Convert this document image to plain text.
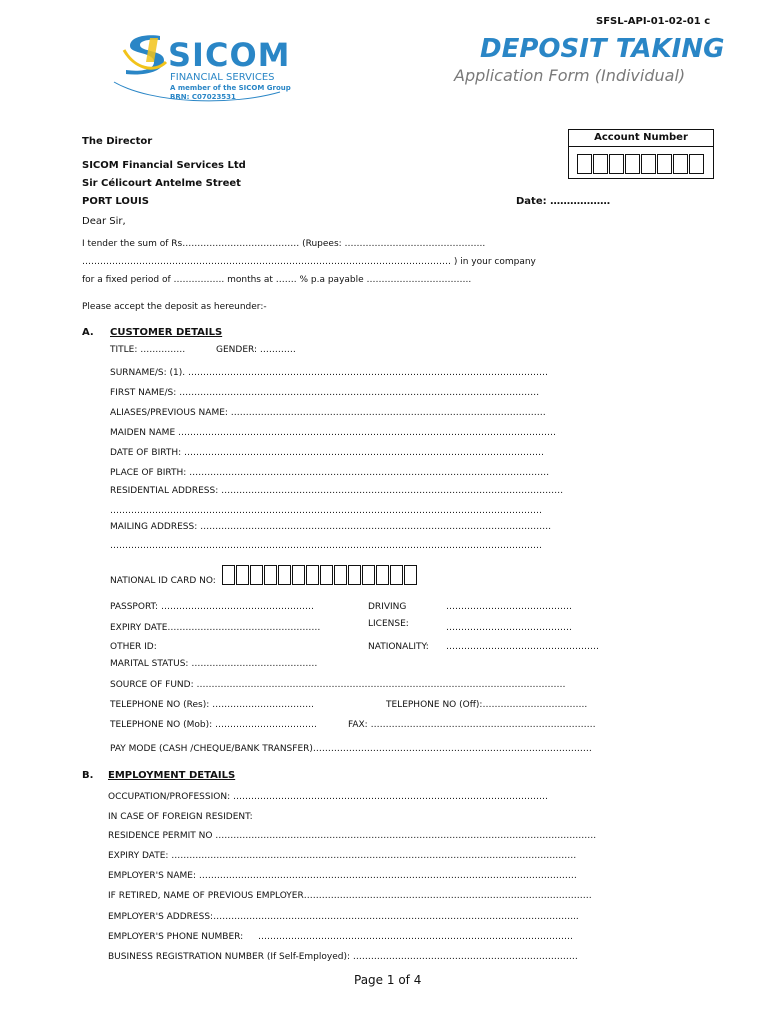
SFSL-API-01-02-01 c
DEPOSIT TAKING
Application Form (Individual)
SICOM
FINANCIAL SERVICES
A member of the SICOM Group
BRN: C07023531
The Director
SICOM Financial Services Ltd
Sir Célicourt Antelme Street
PORT LOUIS
Account Number
Date: ………………
Dear Sir,
I tender the sum of Rs………………………………… (Rupees: ………………………………………..
…………………………………………………………………………………………………………… ) in your company
for a fixed period of …………….. months at ……. % p.a payable ……………………………..
Please accept the deposit as hereunder:-
A. CUSTOMER DETAILS
TITLE: ……………	GENDER: …………
SURNAME/S: (1). …………………………………………………………………………………………………………
FIRST NAME/S: …………………………………………………………………………………………………………
ALIASES/PREVIOUS NAME: ……………………………………………………………………………………………
MAIDEN NAME ………………………………………………………………………………………………………………
DATE OF BIRTH: …………………………………………………………………………………………………………
PLACE OF BIRTH: …………………………………………………………………………………………………………
RESIDENTIAL ADDRESS: ……………………………………………………………………………………………………
………………………………………………………………………………………………………………………………
MAILING ADDRESS: ………………………………………………………………………………………………………
………………………………………………………………………………………………………………………………
NATIONAL ID CARD NO:
PASSPORT: ……………………………………………	DRIVING	……………………………………
EXPIRY DATE……………………………………………	LICENSE:	……………………………………
OTHER ID:	NATIONALITY: ……………………………………………
MARITAL STATUS: ……………………………………
SOURCE OF FUND: ……………………………………………………………………………………………………………
TELEPHONE NO (Res): …………………………….	TELEPHONE NO (Off):……………………………..
TELEPHONE NO (Mob): …………………………….	FAX: …………………………………………………………………
PAY MODE (CASH /CHEQUE/BANK TRANSFER)…………………………………………………………………………………
B. EMPLOYMENT DETAILS
OCCUPATION/PROFESSION: ……………………………………………………………………………………………
IN CASE OF FOREIGN RESIDENT:
RESIDENCE PERMIT NO ……………………………………………………………………………………………………………….
EXPIRY DATE: ………………………………………………………………………………………………………………………
EMPLOYER'S NAME: ………………………………………………………………………………………………………………
IF RETIRED, NAME OF PREVIOUS EMPLOYER……………………………………………………………………………………
EMPLOYER'S ADDRESS:…………………………………………………………………………………………………………..
EMPLOYER'S PHONE NUMBER: ……………………………………………………………………………………………
BUSINESS REGISTRATION NUMBER (If Self-Employed): …………………………………………………………………
Page 1 of 4
